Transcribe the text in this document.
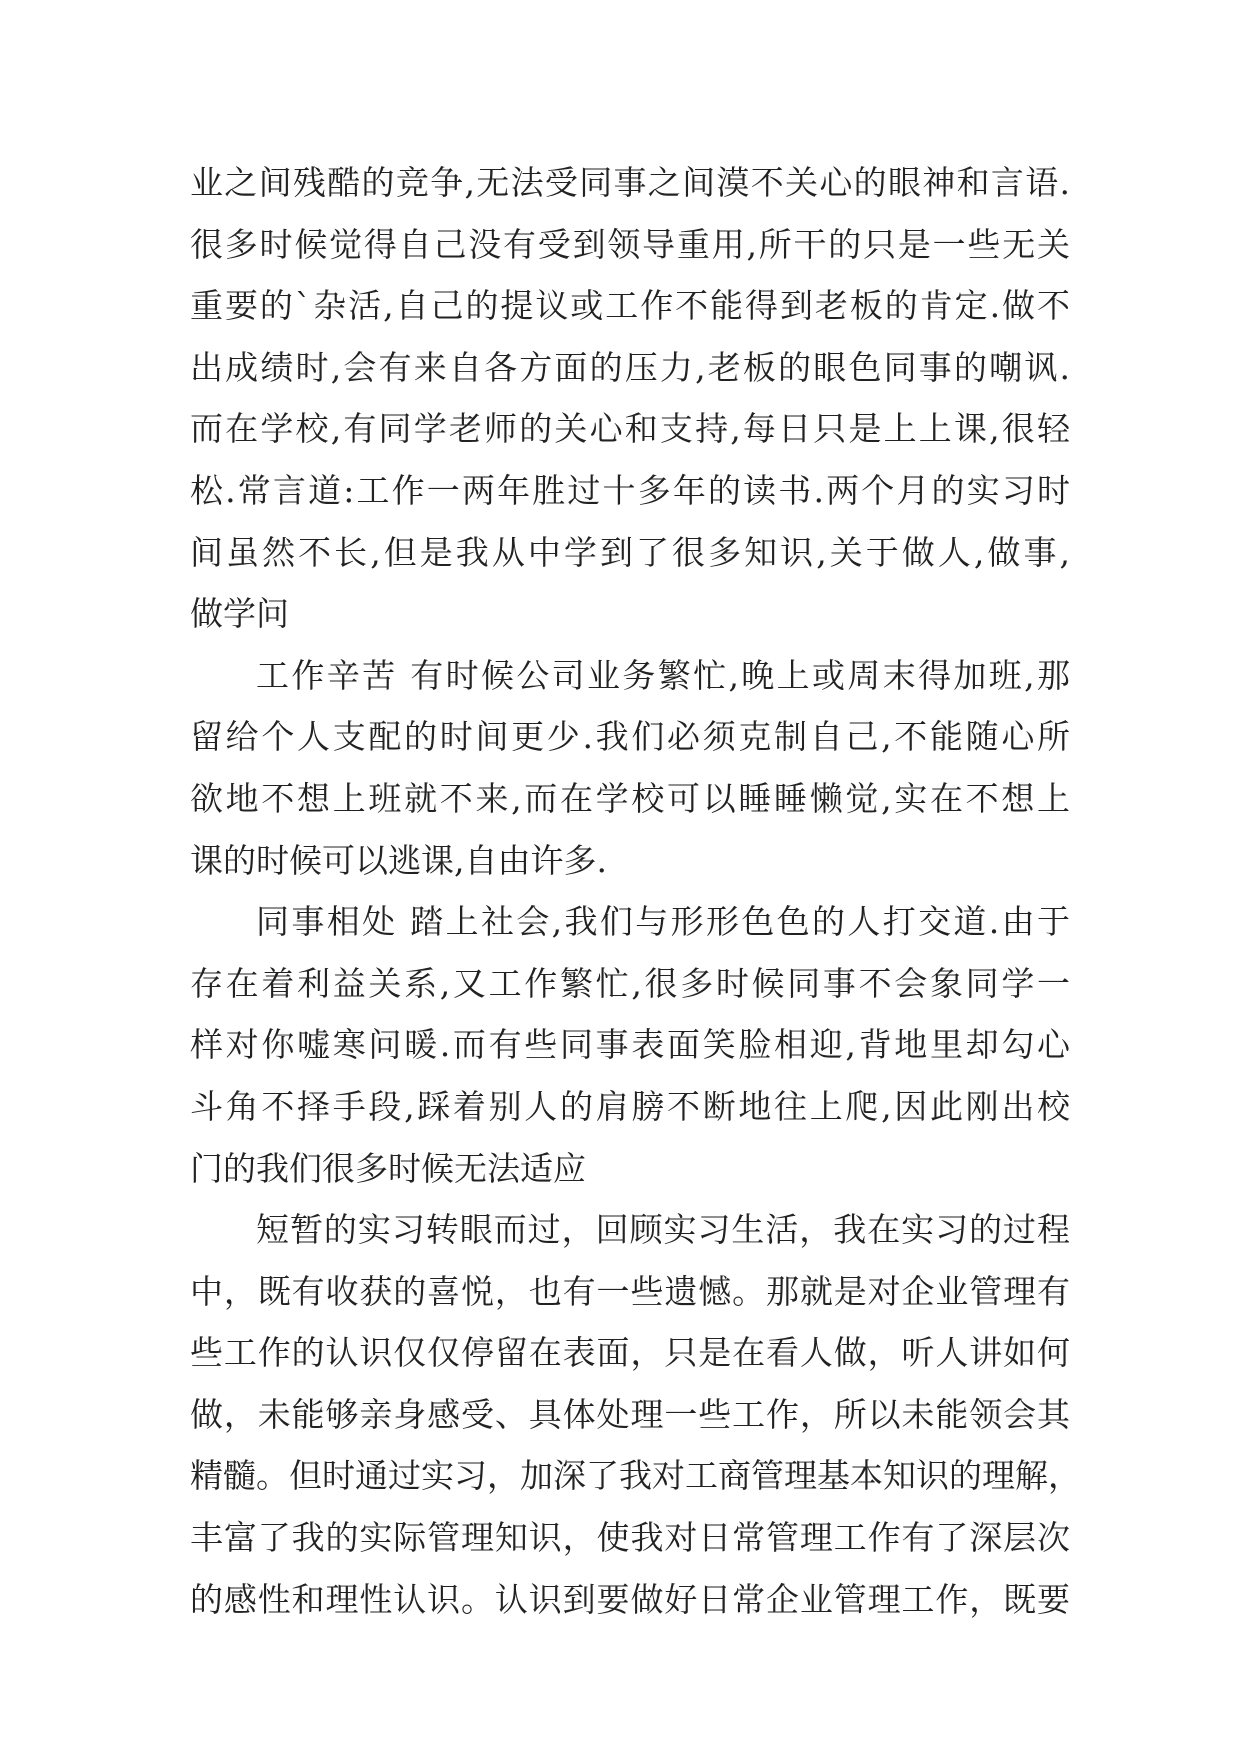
业之间残酷的竞争,无法受同事之间漠不关心的眼神和言语.
很多时候觉得自己没有受到领导重用,所干的只是一些无关
重要的`杂活,自己的提议或工作不能得到老板的肯定.做不
出成绩时,会有来自各方面的压力,老板的眼色同事的嘲讽.
而在学校,有同学老师的关心和支持,每日只是上上课,很轻
松.常言道:工作一两年胜过十多年的读书.两个月的实习时
间虽然不长,但是我从中学到了很多知识,关于做人,做事,
做学问
工作辛苦 有时候公司业务繁忙,晚上或周末得加班,那
留给个人支配的时间更少.我们必须克制自己,不能随心所
欲地不想上班就不来,而在学校可以睡睡懒觉,实在不想上
课的时候可以逃课,自由许多.
同事相处 踏上社会,我们与形形色色的人打交道.由于
存在着利益关系,又工作繁忙,很多时候同事不会象同学一
样对你嘘寒问暖.而有些同事表面笑脸相迎,背地里却勾心
斗角不择手段,踩着别人的肩膀不断地往上爬,因此刚出校
门的我们很多时候无法适应
短暂的实习转眼而过，回顾实习生活，我在实习的过程
中，既有收获的喜悦，也有一些遗憾。那就是对企业管理有
些工作的认识仅仅停留在表面，只是在看人做，听人讲如何
做，未能够亲身感受、具体处理一些工作，所以未能领会其
精髓。但时通过实习，加深了我对工商管理基本知识的理解，
丰富了我的实际管理知识，使我对日常管理工作有了深层次
的感性和理性认识。认识到要做好日常企业管理工作，既要
